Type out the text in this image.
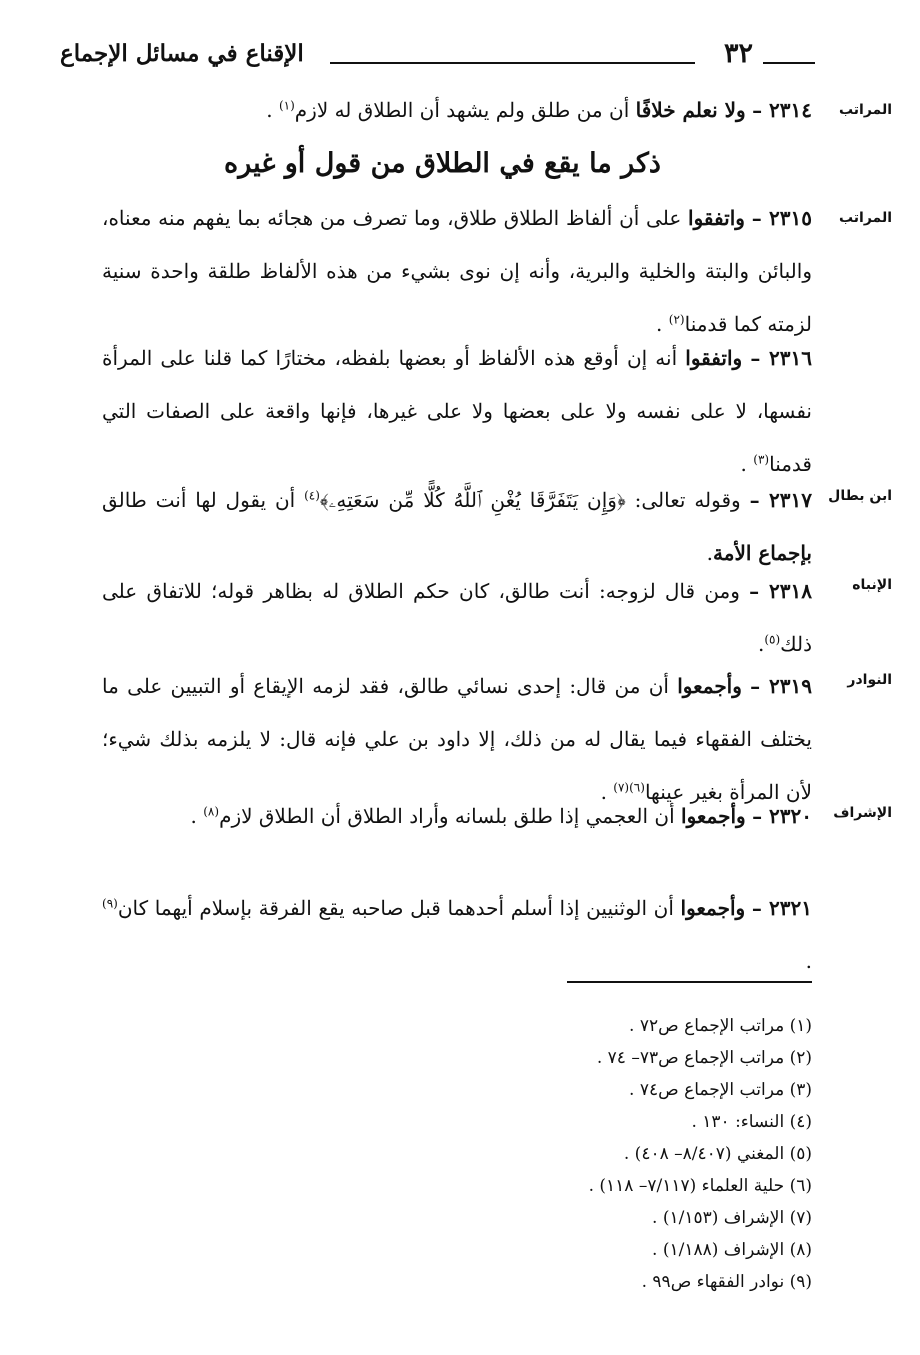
٣٢
الإقناع في مسائل الإجماع
المراتب
المراتب
ابن بطال
الإنباه
النوادر
الإشراف
٢٣١٤ – ولا نعلم خلافًا أن من طلق ولم يشهد أن الطلاق له لازم$^{(١)}$ .
ذكر ما يقع في الطلاق من قول أو غيره
٢٣١٥ – واتفقوا على أن ألفاظ الطلاق طلاق، وما تصرف من هجائه بما يفهم منه معناه، والبائن والبتة والخلية والبرية، وأنه إن نوى بشيء من هذه الألفاظ طلقة واحدة سنية لزمته كما قدمنا$^{(٢)}$ .
٢٣١٦ – واتفقوا أنه إن أوقع هذه الألفاظ أو بعضها بلفظه، مختارًا كما قلنا على المرأة نفسها، لا على نفسه ولا على بعضها ولا على غيرها، فإنها واقعة على الصفات التي قدمنا$^{(٣)}$ .
٢٣١٧ – وقوله تعالى: ﴿وَإِن يَتَفَرَّقَا يُغْنِ ٱللَّهُ كُلًّا مِّن سَعَتِهِۦ﴾$^{(٤)}$ أن يقول لها أنت طالق بإجماع الأمة.
٢٣١٨ – ومن قال لزوجه: أنت طالق، كان حكم الطلاق له بظاهر قوله؛ للاتفاق على ذلك$^{(٥)}$.
٢٣١٩ – وأجمعوا أن من قال: إحدى نسائي طالق، فقد لزمه الإيقاع أو التبيين على ما يختلف الفقهاء فيما يقال له من ذلك، إلا داود بن علي فإنه قال: لا يلزمه بذلك شيء؛ لأن المرأة بغير عينها$^{(٦)(٧)}$ .
٢٣٢٠ – وأجمعوا أن العجمي إذا طلق بلسانه وأراد الطلاق أن الطلاق لازم$^{(٨)}$ .
٢٣٢١ – وأجمعوا أن الوثنيين إذا أسلم أحدهما قبل صاحبه يقع الفرقة بإسلام أيهما كان$^{(٩)}$ .
(١) مراتب الإجماع ص٧٢ .
(٢) مراتب الإجماع ص٧٣– ٧٤ .
(٣) مراتب الإجماع ص٧٤ .
(٤) النساء: ١٣٠ .
(٥) المغني (٨/٤٠٧– ٤٠٨) .
(٦) حلية العلماء (٧/١١٧– ١١٨) .
(٧) الإشراف (١/١٥٣) .
(٨) الإشراف (١/١٨٨) .
(٩) نوادر الفقهاء ص٩٩ .
